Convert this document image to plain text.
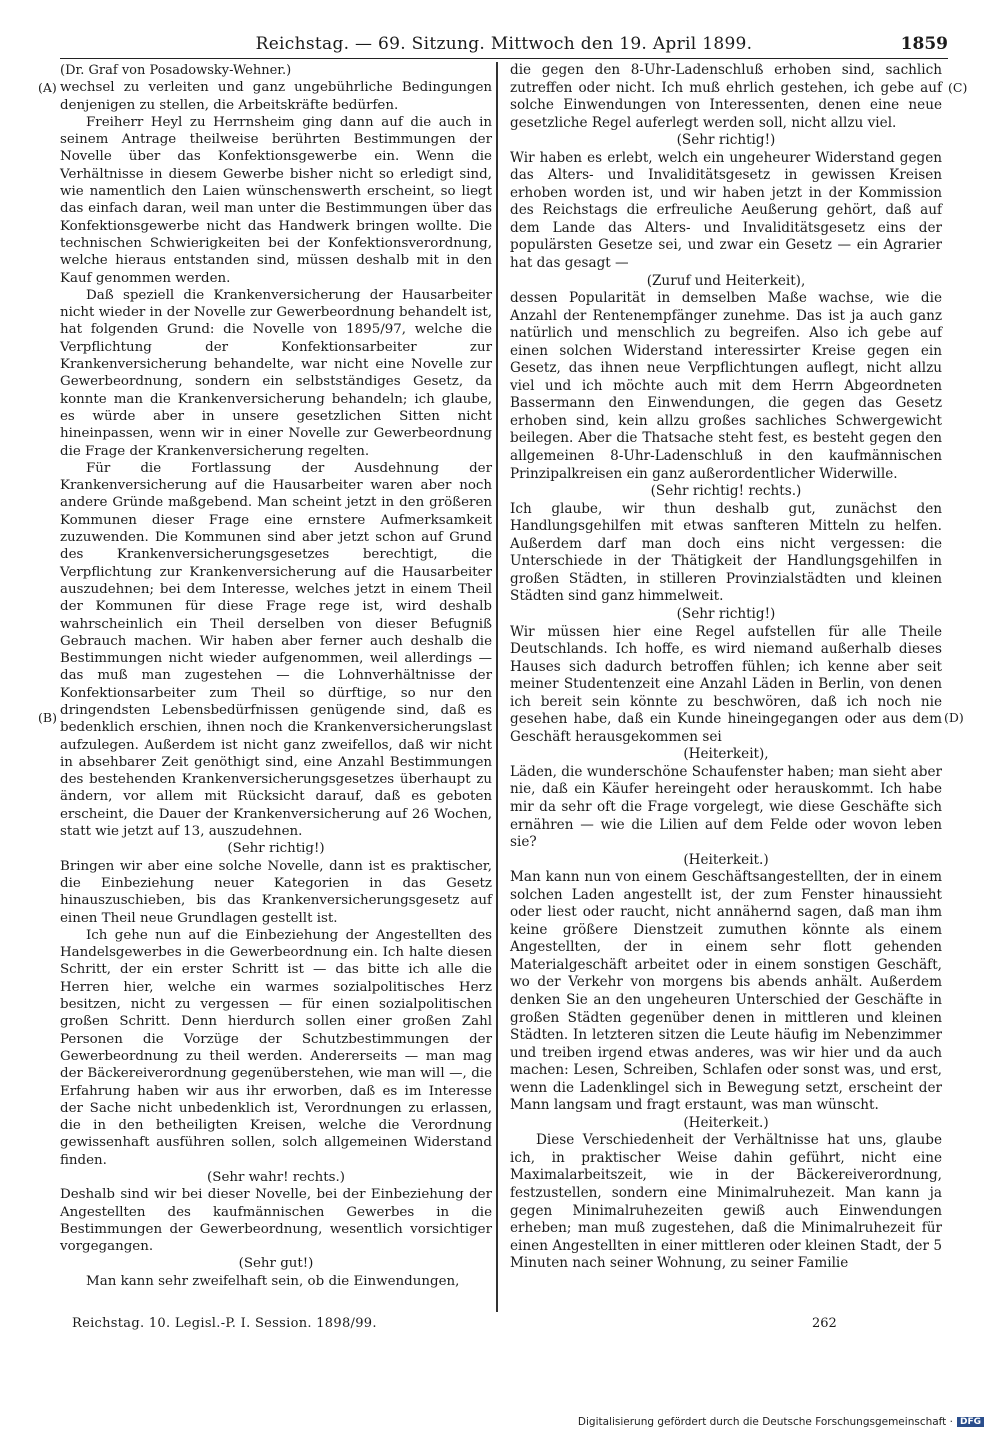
Reichstag. — 69. Sitzung. Mittwoch den 19. April 1899.	1859
(A)
(B)
(C)
(D)

(Dr. Graf von Posadowsky-Wehner.)

wechsel zu verleiten und ganz ungebührliche Bedingungen denjenigen zu stellen, die Arbeitskräfte bedürfen.

Freiherr Heyl zu Herrnsheim ging dann auf die auch in seinem Antrage theilweise berührten Bestimmungen der Novelle über das Konfektionsgewerbe ein. Wenn die Verhältnisse in diesem Gewerbe bisher nicht so erledigt sind, wie namentlich den Laien wünschenswerth erscheint, so liegt das einfach daran, weil man unter die Bestimmungen über das Konfektionsgewerbe nicht das Handwerk bringen wollte. Die technischen Schwierigkeiten bei der Konfektionsverordnung, welche hieraus entstanden sind, müssen deshalb mit in den Kauf genommen werden.

Daß speziell die Krankenversicherung der Hausarbeiter nicht wieder in der Novelle zur Gewerbeordnung behandelt ist, hat folgenden Grund: die Novelle von 1895/97, welche die Verpflichtung der Konfektionsarbeiter zur Krankenversicherung behandelte, war nicht eine Novelle zur Gewerbeordnung, sondern ein selbstständiges Gesetz, da konnte man die Krankenversicherung behandeln; ich glaube, es würde aber in unsere gesetzlichen Sitten nicht hineinpassen, wenn wir in einer Novelle zur Gewerbeordnung die Frage der Krankenversicherung regelten.

Für die Fortlassung der Ausdehnung der Krankenversicherung auf die Hausarbeiter waren aber noch andere Gründe maßgebend. Man scheint jetzt in den größeren Kommunen dieser Frage eine ernstere Aufmerksamkeit zuzuwenden. Die Kommunen sind aber jetzt schon auf Grund des Krankenversicherungsgesetzes berechtigt, die Verpflichtung zur Krankenversicherung auf die Hausarbeiter auszudehnen; bei dem Interesse, welches jetzt in einem Theil der Kommunen für diese Frage rege ist, wird deshalb wahrscheinlich ein Theil derselben von dieser Befugniß Gebrauch machen. Wir haben aber ferner auch deshalb die Bestimmungen nicht wieder aufgenommen, weil allerdings — das muß man zugestehen — die Lohnverhältnisse der Konfektionsarbeiter zum Theil so dürftige, so nur den dringendsten Lebensbedürfnissen genügende sind, daß es bedenklich erschien, ihnen noch die Krankenversicherungslast aufzulegen. Außerdem ist nicht ganz zweifellos, daß wir nicht in absehbarer Zeit genöthigt sind, eine Anzahl Bestimmungen des bestehenden Krankenversicherungsgesetzes überhaupt zu ändern, vor allem mit Rücksicht darauf, daß es geboten erscheint, die Dauer der Krankenversicherung auf 26 Wochen, statt wie jetzt auf 13, auszudehnen.

(Sehr richtig!)

Bringen wir aber eine solche Novelle, dann ist es praktischer, die Einbeziehung neuer Kategorien in das Gesetz hinauszuschieben, bis das Krankenversicherungsgesetz auf einen Theil neue Grundlagen gestellt ist.

Ich gehe nun auf die Einbeziehung der Angestellten des Handelsgewerbes in die Gewerbeordnung ein. Ich halte diesen Schritt, der ein erster Schritt ist — das bitte ich alle die Herren hier, welche ein warmes sozialpolitisches Herz besitzen, nicht zu vergessen — für einen sozialpolitischen großen Schritt. Denn hierdurch sollen einer großen Zahl Personen die Vorzüge der Schutzbestimmungen der Gewerbeordnung zu theil werden. Andererseits — man mag der Bäckereiverordnung gegenüberstehen, wie man will —, die Erfahrung haben wir aus ihr erworben, daß es im Interesse der Sache nicht unbedenklich ist, Verordnungen zu erlassen, die in den betheiligten Kreisen, welche die Verordnung gewissenhaft ausführen sollen, solch allgemeinen Widerstand finden.

(Sehr wahr! rechts.)

Deshalb sind wir bei dieser Novelle, bei der Einbeziehung der Angestellten des kaufmännischen Gewerbes in die Bestimmungen der Gewerbeordnung, wesentlich vorsichtiger vorgegangen.

(Sehr gut!)

Man kann sehr zweifelhaft sein, ob die Einwendungen,

die gegen den 8-Uhr-Ladenschluß erhoben sind, sachlich zutreffen oder nicht. Ich muß ehrlich gestehen, ich gebe auf solche Einwendungen von Interessenten, denen eine neue gesetzliche Regel auferlegt werden soll, nicht allzu viel.

(Sehr richtig!)

Wir haben es erlebt, welch ein ungeheurer Widerstand gegen das Alters- und Invaliditätsgesetz in gewissen Kreisen erhoben worden ist, und wir haben jetzt in der Kommission des Reichstags die erfreuliche Aeußerung gehört, daß auf dem Lande das Alters- und Invaliditätsgesetz eins der populärsten Gesetze sei, und zwar ein Gesetz — ein Agrarier hat das gesagt —

(Zuruf und Heiterkeit),

dessen Popularität in demselben Maße wachse, wie die Anzahl der Rentenempfänger zunehme. Das ist ja auch ganz natürlich und menschlich zu begreifen. Also ich gebe auf einen solchen Widerstand interessirter Kreise gegen ein Gesetz, das ihnen neue Verpflichtungen auflegt, nicht allzu viel und ich möchte auch mit dem Herrn Abgeordneten Bassermann den Einwendungen, die gegen das Gesetz erhoben sind, kein allzu großes sachliches Schwergewicht beilegen. Aber die Thatsache steht fest, es besteht gegen den allgemeinen 8-Uhr-Ladenschluß in den kaufmännischen Prinzipalkreisen ein ganz außerordentlicher Widerwille.

(Sehr richtig! rechts.)

Ich glaube, wir thun deshalb gut, zunächst den Handlungsgehilfen mit etwas sanfteren Mitteln zu helfen. Außerdem darf man doch eins nicht vergessen: die Unterschiede in der Thätigkeit der Handlungsgehilfen in großen Städten, in stilleren Provinzialstädten und kleinen Städten sind ganz himmelweit.

(Sehr richtig!)

Wir müssen hier eine Regel aufstellen für alle Theile Deutschlands. Ich hoffe, es wird niemand außerhalb dieses Hauses sich dadurch betroffen fühlen; ich kenne aber seit meiner Studentenzeit eine Anzahl Läden in Berlin, von denen ich bereit sein könnte zu beschwören, daß ich noch nie gesehen habe, daß ein Kunde hineingegangen oder aus dem Geschäft herausgekommen sei

(Heiterkeit),

Läden, die wunderschöne Schaufenster haben; man sieht aber nie, daß ein Käufer hereingeht oder herauskommt. Ich habe mir da sehr oft die Frage vorgelegt, wie diese Geschäfte sich ernähren — wie die Lilien auf dem Felde oder wovon leben sie?

(Heiterkeit.)

Man kann nun von einem Geschäftsangestellten, der in einem solchen Laden angestellt ist, der zum Fenster hinaussieht oder liest oder raucht, nicht annähernd sagen, daß man ihm keine größere Dienstzeit zumuthen könnte als einem Angestellten, der in einem sehr flott gehenden Materialgeschäft arbeitet oder in einem sonstigen Geschäft, wo der Verkehr von morgens bis abends anhält. Außerdem denken Sie an den ungeheuren Unterschied der Geschäfte in großen Städten gegenüber denen in mittleren und kleinen Städten. In letzteren sitzen die Leute häufig im Nebenzimmer und treiben irgend etwas anderes, was wir hier und da auch machen: Lesen, Schreiben, Schlafen oder sonst was, und erst, wenn die Ladenklingel sich in Bewegung setzt, erscheint der Mann langsam und fragt erstaunt, was man wünscht.

(Heiterkeit.)

Diese Verschiedenheit der Verhältnisse hat uns, glaube ich, in praktischer Weise dahin geführt, nicht eine Maximalarbeitszeit, wie in der Bäckereiverordnung, festzustellen, sondern eine Minimalruhezeit. Man kann ja gegen Minimalruhezeiten gewiß auch Einwendungen erheben; man muß zugestehen, daß die Minimalruhezeit für einen Angestellten in einer mittleren oder kleinen Stadt, der 5 Minuten nach seiner Wohnung, zu seiner Familie

Reichstag. 10. Legisl.-P. I. Session. 1898/99.	262
Digitalisierung gefördert durch die Deutsche Forschungsgemeinschaft · DFG
